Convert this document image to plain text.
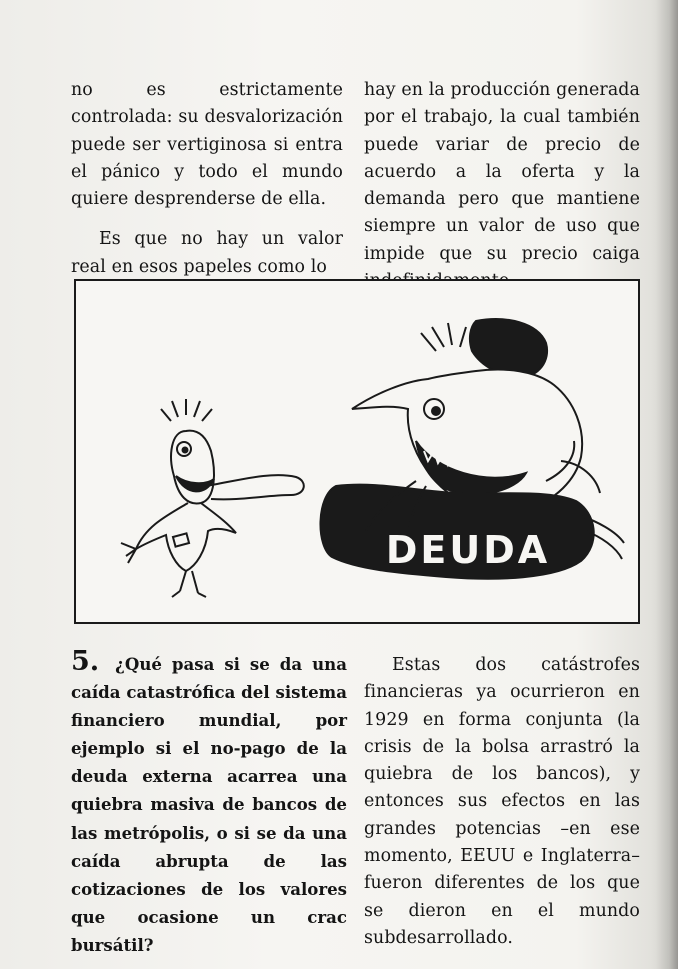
no es estrictamente controlada: su desvalorización puede ser vertiginosa si entra el pánico y todo el mundo quiere desprenderse de ella.

Es que no hay un valor real en esos papeles como lo

hay en la producción generada por el trabajo, la cual también puede variar de precio de acuerdo a la oferta y la demanda pero que mantiene siempre un valor de uso que impide que su precio caiga

DEUDA
5. ¿Qué pasa si se da una caída catastrófica del sistema financiero mundial, por ejemplo si el no-pago de la deuda externa acarrea una quiebra masiva de bancos de las metrópolis, o si se da una caída abrupta de las cotizaciones de los valores que ocasione un crac bursátil?

Estas dos catástrofes financieras ya ocurrieron en 1929 en forma conjunta (la crisis de la bolsa arrastró la quiebra de los bancos), y entonces sus efectos en las grandes potencias –en ese momento, EEUU e Inglaterra– fueron diferentes de los que se dieron en el mundo subdesarrollado.
